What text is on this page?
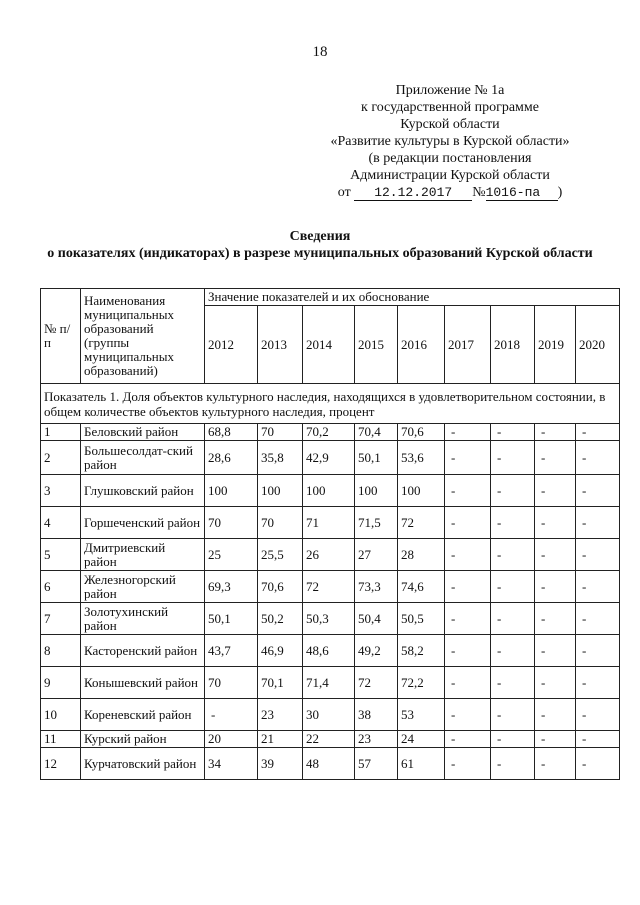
18
Приложение № 1а
к государственной программе
Курской области
«Развитие культуры в Курской области»
(в редакции постановления
Администрации Курской области
от 12.12.2017 №1016-па )
Сведения
о показателях (индикаторах) в разрезе муниципальных образований Курской области
№ п/п	Наименования муниципальных образований (группы муниципальных образований)	Значение показателей и их обоснование								
		2012	2013	2014	2015	2016	2017	2018	2019	2020
Показатель 1. Доля объектов культурного наследия, находящихся в удовлетворительном состоянии, в общем количестве объектов культурного наследия, процент										
1	Беловский район	68,8	70	70,2	70,4	70,6	-	-	-	-
2	Большесолдат-ский район	28,6	35,8	42,9	50,1	53,6	-	-	-	-
3	Глушковский район	100	100	100	100	100	-	-	-	-
4	Горшеченский район	70	70	71	71,5	72	-	-	-	-
5	Дмитриевский район	25	25,5	26	27	28	-	-	-	-
6	Железногорский район	69,3	70,6	72	73,3	74,6	-	-	-	-
7	Золотухинский район	50,1	50,2	50,3	50,4	50,5	-	-	-	-
8	Касторенский район	43,7	46,9	48,6	49,2	58,2	-	-	-	-
9	Конышевский район	70	70,1	71,4	72	72,2	-	-	-	-
10	Кореневский район	-	23	30	38	53	-	-	-	-
11	Курский район	20	21	22	23	24	-	-	-	-
12	Курчатовский район	34	39	48	57	61	-	-	-	-
